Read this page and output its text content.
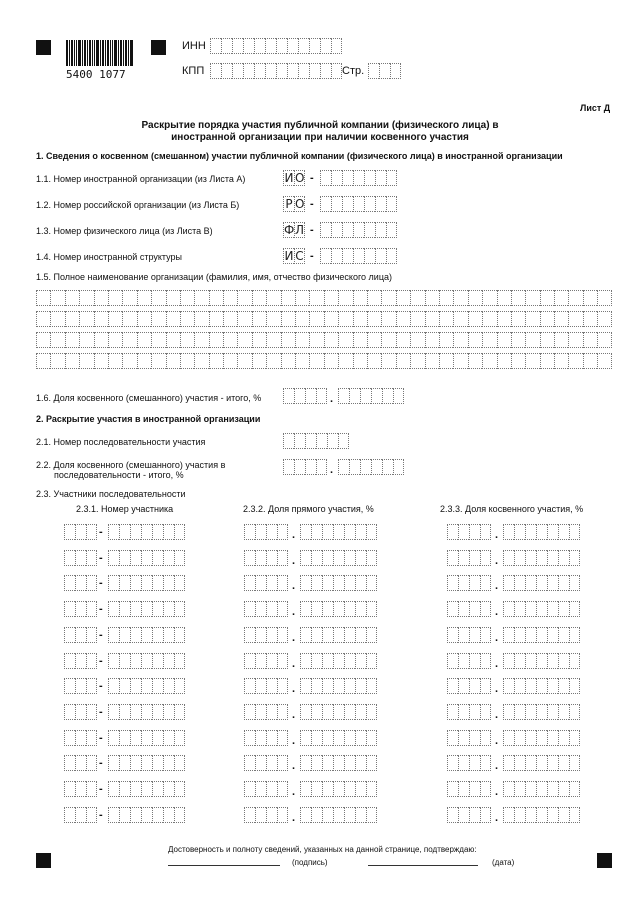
5400 1077
ИНН
КПП	Стр.
Лист Д
Раскрытие порядка участия публичной компании (физического лица) в
иностранной организации при наличии косвенного участия
1. Сведения о косвенном (смешанном) участии публичной компании (физического лица) в иностранной организации
1.1. Номер иностранной организации (из Листа А)	И О -
1.2. Номер российской организации (из Листа Б)	Р О -
1.3. Номер физического лица (из Листа В)	Ф Л -
1.4. Номер иностранной структуры	И С -
1.5. Полное наименование организации (фамилия, имя, отчество физического лица)
1.6. Доля косвенного (смешанного) участия - итого, %	.
2. Раскрытие участия в иностранной организации
2.1. Номер последовательности участия
2.2. Доля косвенного (смешанного) участия в
последовательности - итого, %	.
2.3. Участники последовательности
2.3.1. Номер участника	2.3.2. Доля прямого участия, %	2.3.3. Доля косвенного участия, %
-	.	.
-	.	.
-	.	.
-	.	.
-	.	.
-	.	.
-	.	.
-	.	.
-	.	.
-	.	.
-	.	.
-	.	.
Достоверность и полноту сведений, указанных на данной странице, подтверждаю:
(подпись)	(дата)
